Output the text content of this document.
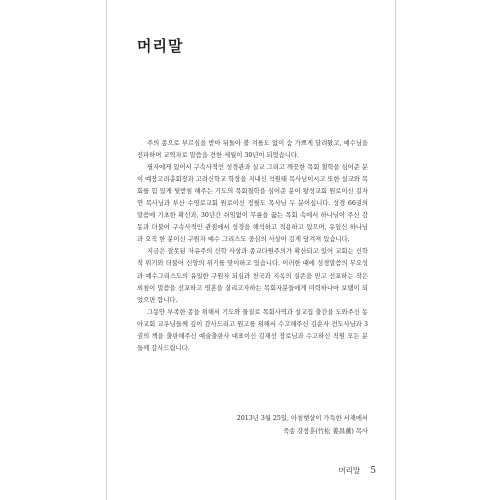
머리말

주의 종으로 부르심을 받아 뒤돌아 볼 겨를도 없이 숨 가쁘게 달려왔고, 예수님을 전파하며 교역자로 말씀을 전한 세월이 30년이 되었습니다.

필자에게 있어서 구속사적인 성경관과 실교 그리고 깨끗한 목회 철학을 심어준 분이 예장고려총회장과 고려신학교 학장을 지내신 석원태 목사님이시고 또한 실교와 목회를 힘 있게 뒷받침 해주는 기도의 목회철학을 심어준 분이 왕성교회 원로이신 길자연 목사님과 부산 수영로교회 원로이신 정필도 목사님 두 분이십니다. 성경 66권의 말씀에 기초한 확신과, 30년간 쉬임없이 무릎을 꿇는 목회 속에서 하나님이 주신 감동과 더불어 구속사적인 관점에서 성경을 해석하고 적용하고 있으며, 유일신 하나님과 오직 한 분이신 구원자 예수 그리스도 중심의 사상이 깊게 담겨져 있습니다.

지금은 잘못된 자유주의 신학 사상과 종교다원주의가 확산되고 있어 교회는 신학적 위기와 더불어 신앙의 위기를 맞이하고 있습니다. 이러한 때에 성경말씀의 무오성과 예수그리스도의 유일한 구원자 되심과 천국과 지옥의 실존을 믿고 선포하는 작은 외침이 말씀을 선포하고 영혼을 살리고자하는 목회자분들에게 미력하나마 보탬이 되었으면 합니다.

그동안 부족한 종을 위해서 기도와 물질로 목회사역과 설교집 출간을 도와주신 동아교회 교우님들께 깊이 감사드리고 원고를 위해서 수고해주신 김순자 전도사님과 3권의 책을 출판해주신 예술출판사 대표이신 김재선 장로님과 수고하신 직원 모든 분들께 감사드립니다.

2013년 3월 25일, 아침햇살이 가득한 서재에서
죽송 강창훈(竹松 姜昌薰) 목사
머리말 5
